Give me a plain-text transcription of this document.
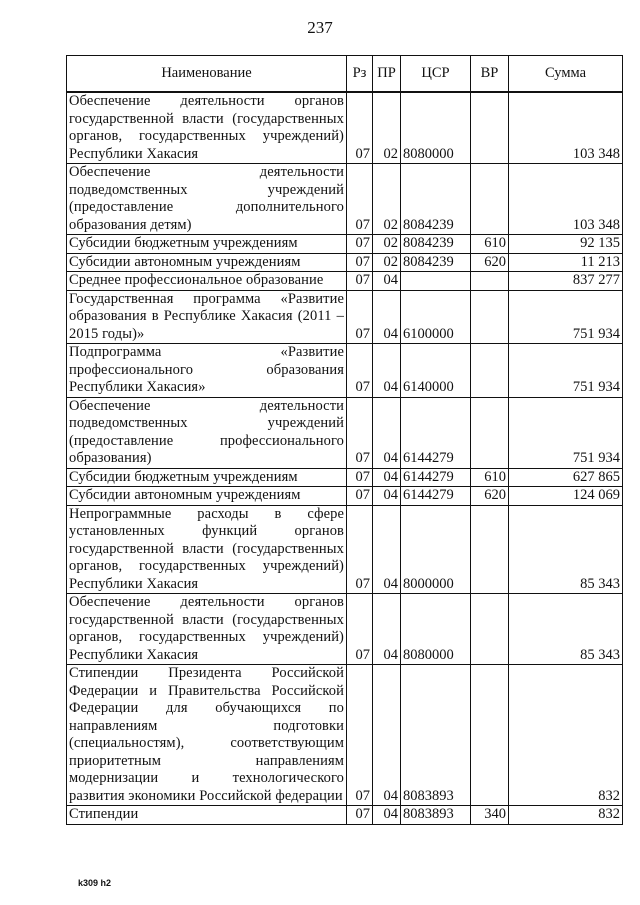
237
Наименование	Рз	ПР	ЦСР	ВР	Сумма
Обеспечение деятельности органов государственной власти (государственных органов, государственных учреждений) Республики Хакасия	07	02	8080000		103 348
Обеспечение деятельности подведомственных учреждений (предоставление дополнительного образования детям)	07	02	8084239		103 348
Субсидии бюджетным учреждениям	07	02	8084239	610	92 135
Субсидии автономным учреждениям	07	02	8084239	620	11 213
Среднее профессиональное образование	07	04			837 277
Государственная программа «Развитие образования в Республике Хакасия (2011 – 2015 годы)»	07	04	6100000		751 934
Подпрограмма «Развитие профессионального образования Республики Хакасия»	07	04	6140000		751 934
Обеспечение деятельности подведомственных учреждений (предоставление профессионального образования)	07	04	6144279		751 934
Субсидии бюджетным учреждениям	07	04	6144279	610	627 865
Субсидии автономным учреждениям	07	04	6144279	620	124 069
Непрограммные расходы в сфере установленных функций органов государственной власти (государственных органов, государственных учреждений) Республики Хакасия	07	04	8000000		85 343
Обеспечение деятельности органов государственной власти (государственных органов, государственных учреждений) Республики Хакасия	07	04	8080000		85 343
Стипендии Президента Российской Федерации и Правительства Российской Федерации для обучающихся по направлениям подготовки (специальностям), соответствующим приоритетным направлениям модернизации и технологического развития экономики Российской федерации	07	04	8083893		832
Стипендии	07	04	8083893	340	832
k309 h2
